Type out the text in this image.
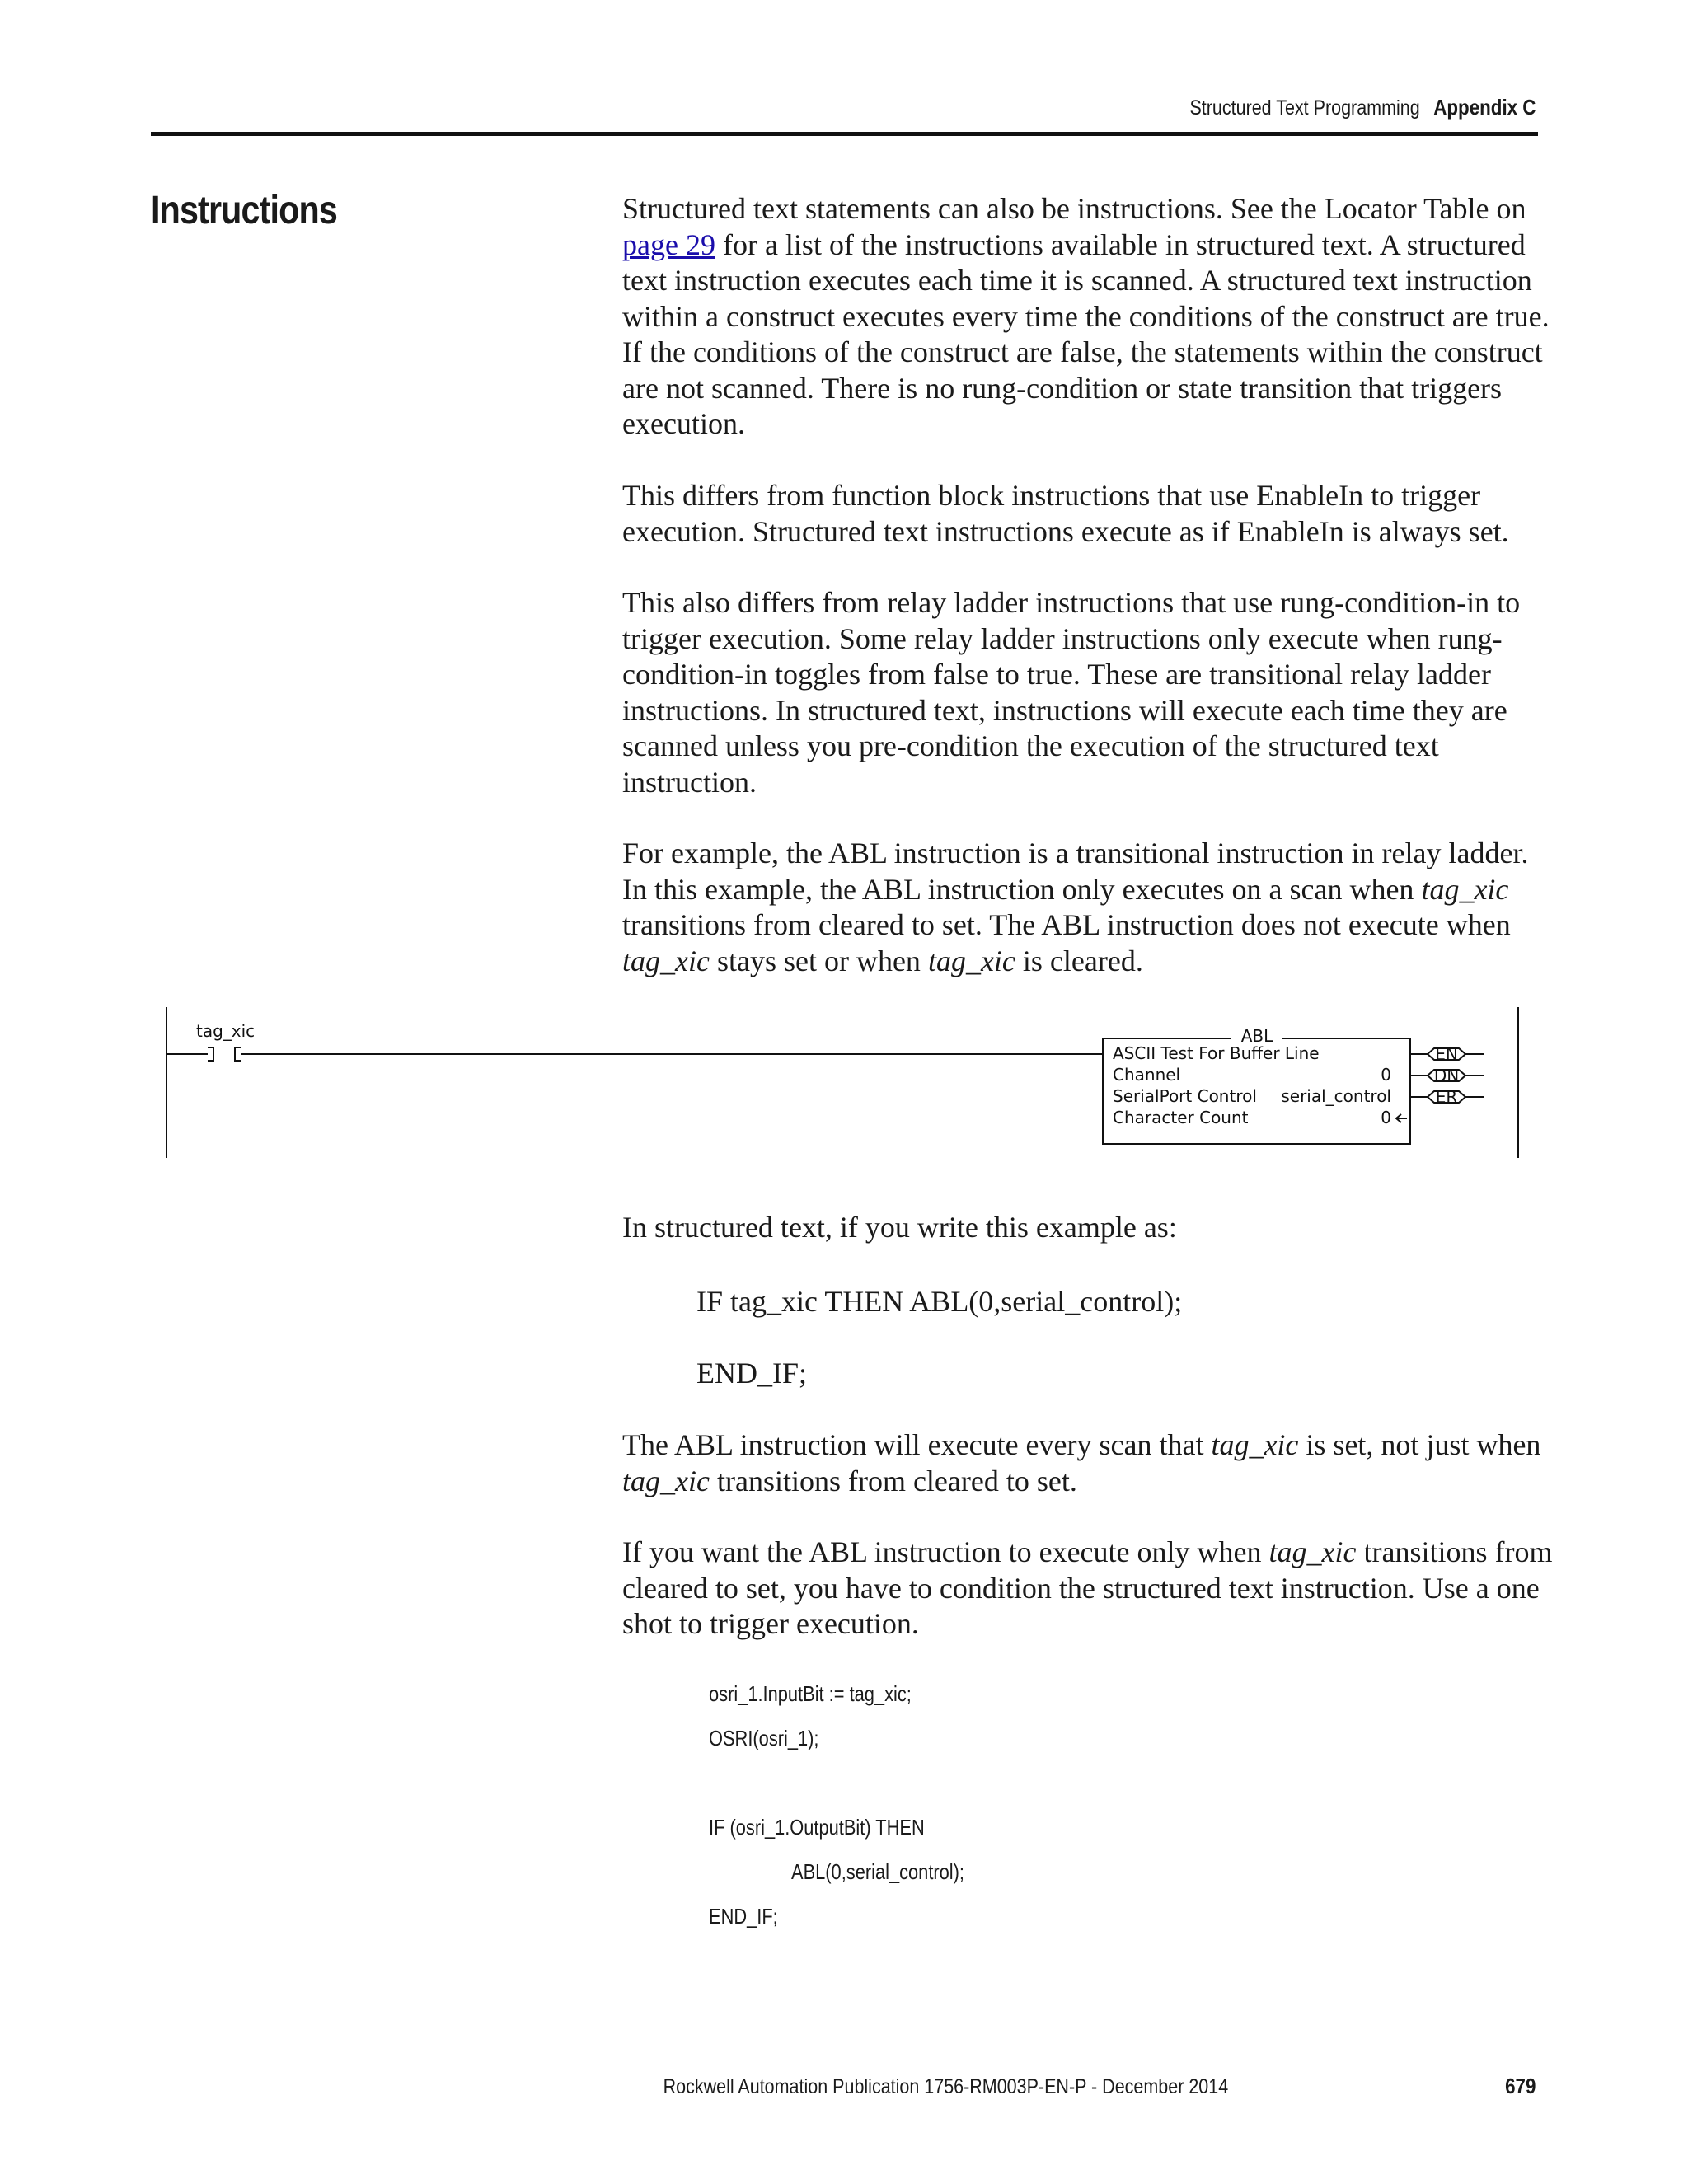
Structured Text Programming Appendix C
Instructions	Structured text statements can also be instructions. See the Locator Table on page 29 for a list of the instructions available in structured text. A structured text instruction executes each time it is scanned. A structured text instruction within a construct executes every time the conditions of the construct are true. If the conditions of the construct are false, the statements within the construct are not scanned. There is no rung-condition or state transition that triggers execution.

This differs from function block instructions that use EnableIn to trigger execution. Structured text instructions execute as if EnableIn is always set.

This also differs from relay ladder instructions that use rung-condition-in to trigger execution. Some relay ladder instructions only execute when rung-condition-in toggles from false to true. These are transitional relay ladder instructions. In structured text, instructions will execute each time they are scanned unless you pre-condition the execution of the structured text instruction.

For example, the ABL instruction is a transitional instruction in relay ladder. In this example, the ABL instruction only executes on a scan when tag_xic transitions from cleared to set. The ABL instruction does not execute when tag_xic stays set or when tag_xic is cleared.

tag_xic	ABL
ASCII Test For Buffer Line
Channel	0
SerialPort Control serial_control
Character Count	0
EN
DN
ER

In structured text, if you write this example as:

IF tag_xic THEN ABL(0,serial_control);
END_IF;

The ABL instruction will execute every scan that tag_xic is set, not just when tag_xic transitions from cleared to set.

If you want the ABL instruction to execute only when tag_xic transitions from cleared to set, you have to condition the structured text instruction. Use a one shot to trigger execution.

osri_1.InputBit := tag_xic;
OSRI(osri_1);
IF (osri_1.OutputBit) THEN
ABL(0,serial_control);
END_IF;
Rockwell Automation Publication 1756-RM003P-EN-P - December 2014	679
